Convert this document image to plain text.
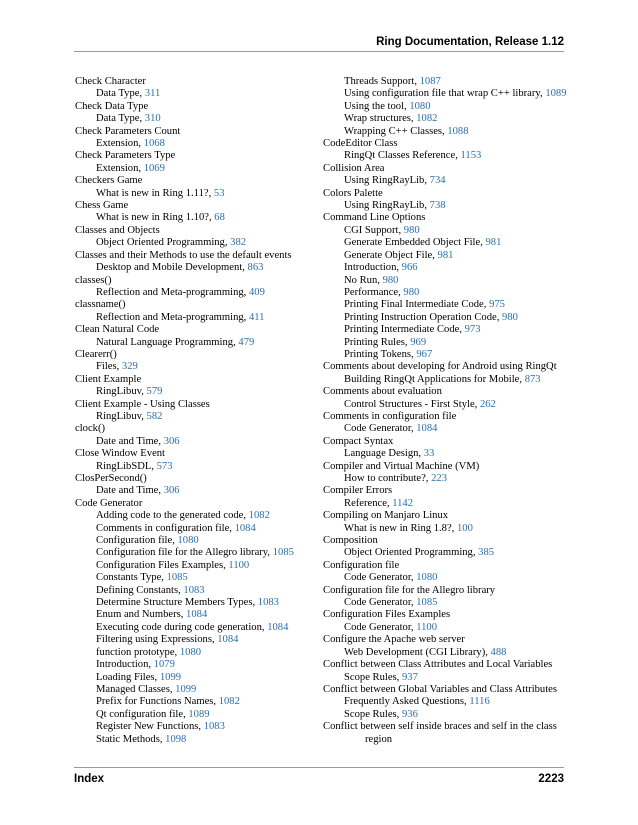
Ring Documentation, Release 1.12
Check Character
Data Type, 311
Check Data Type
Data Type, 310
Check Parameters Count
Extension, 1068
Check Parameters Type
Extension, 1069
Checkers Game
What is new in Ring 1.11?, 53
Chess Game
What is new in Ring 1.10?, 68
Classes and Objects
Object Oriented Programming, 382
Classes and their Methods to use the default events
Desktop and Mobile Development, 863
classes()
Reflection and Meta-programming, 409
classname()
Reflection and Meta-programming, 411
Clean Natural Code
Natural Language Programming, 479
Clearerr()
Files, 329
Client Example
RingLibuv, 579
Client Example - Using Classes
RingLibuv, 582
clock()
Date and Time, 306
Close Window Event
RingLibSDL, 573
ClosPerSecond()
Date and Time, 306
Code Generator
Adding code to the generated code, 1082
Comments in configuration file, 1084
Configuration file, 1080
Configuration file for the Allegro library, 1085
Configuration Files Examples, 1100
Constants Type, 1085
Defining Constants, 1083
Determine Structure Members Types, 1083
Enum and Numbers, 1084
Executing code during code generation, 1084
Filtering using Expressions, 1084
function prototype, 1080
Introduction, 1079
Loading Files, 1099
Managed Classes, 1099
Prefix for Functions Names, 1082
Qt configuration file, 1089
Register New Functions, 1083
Static Methods, 1098
Threads Support, 1087
Using configuration file that wrap C++ library, 1089
Using the tool, 1080
Wrap structures, 1082
Wrapping C++ Classes, 1088
CodeEditor Class
RingQt Classes Reference, 1153
Collision Area
Using RingRayLib, 734
Colors Palette
Using RingRayLib, 738
Command Line Options
CGI Support, 980
Generate Embedded Object File, 981
Generate Object File, 981
Introduction, 966
No Run, 980
Performance, 980
Printing Final Intermediate Code, 975
Printing Instruction Operation Code, 980
Printing Intermediate Code, 973
Printing Rules, 969
Printing Tokens, 967
Comments about developing for Android using RingQt
Building RingQt Applications for Mobile, 873
Comments about evaluation
Control Structures - First Style, 262
Comments in configuration file
Code Generator, 1084
Compact Syntax
Language Design, 33
Compiler and Virtual Machine (VM)
How to contribute?, 223
Compiler Errors
Reference, 1142
Compiling on Manjaro Linux
What is new in Ring 1.8?, 100
Composition
Object Oriented Programming, 385
Configuration file
Code Generator, 1080
Configuration file for the Allegro library
Code Generator, 1085
Configuration Files Examples
Code Generator, 1100
Configure the Apache web server
Web Development (CGI Library), 488
Conflict between Class Attributes and Local Variables
Scope Rules, 937
Conflict between Global Variables and Class Attributes
Frequently Asked Questions, 1116
Scope Rules, 936
Conflict between self inside braces and self in the class
region
Index	2223
